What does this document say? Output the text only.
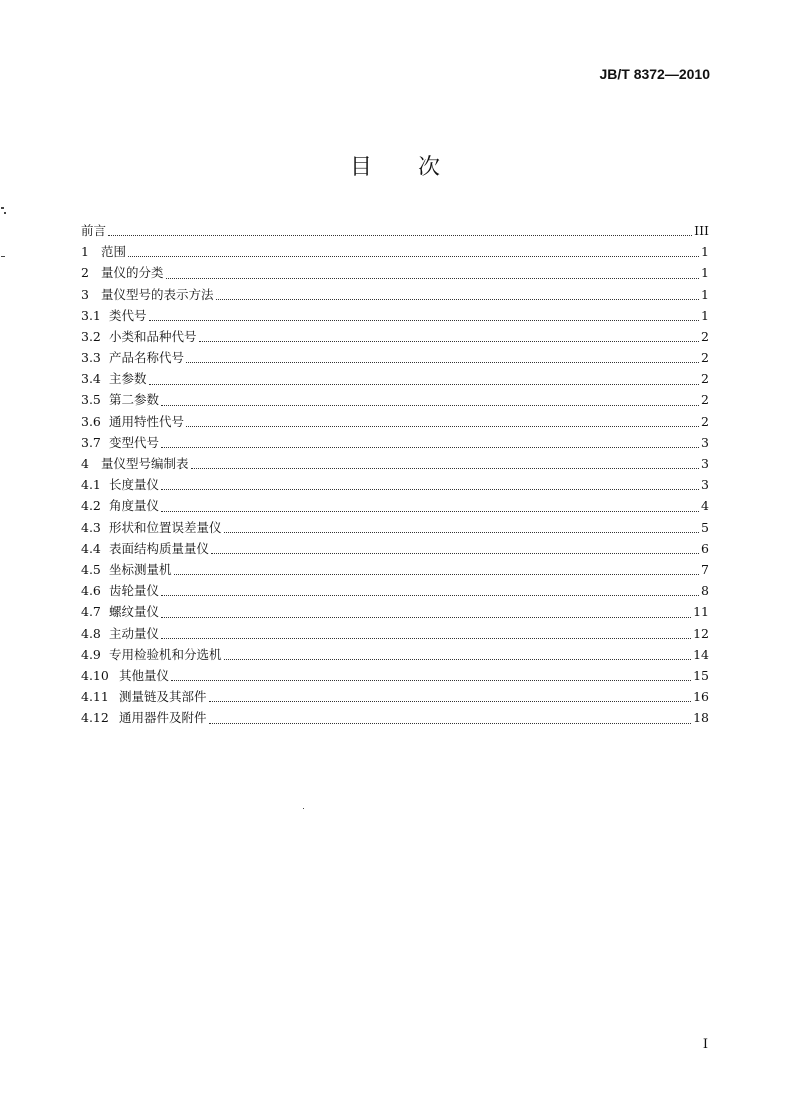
JB/T 8372—2010
目 次
前言	III
1 范围	1
2 量仪的分类	1
3 量仪型号的表示方法	1
3.1 类代号	1
3.2 小类和品种代号	2
3.3 产品名称代号	2
3.4 主参数	2
3.5 第二参数	2
3.6 通用特性代号	2
3.7 变型代号	3
4 量仪型号编制表	3
4.1 长度量仪	3
4.2 角度量仪	4
4.3 形状和位置误差量仪	5
4.4 表面结构质量量仪	6
4.5 坐标测量机	7
4.6 齿轮量仪	8
4.7 螺纹量仪	11
4.8 主动量仪	12
4.9 专用检验机和分选机	14
4.10 其他量仪	15
4.11 测量链及其部件	16
4.12 通用器件及附件	18
I
